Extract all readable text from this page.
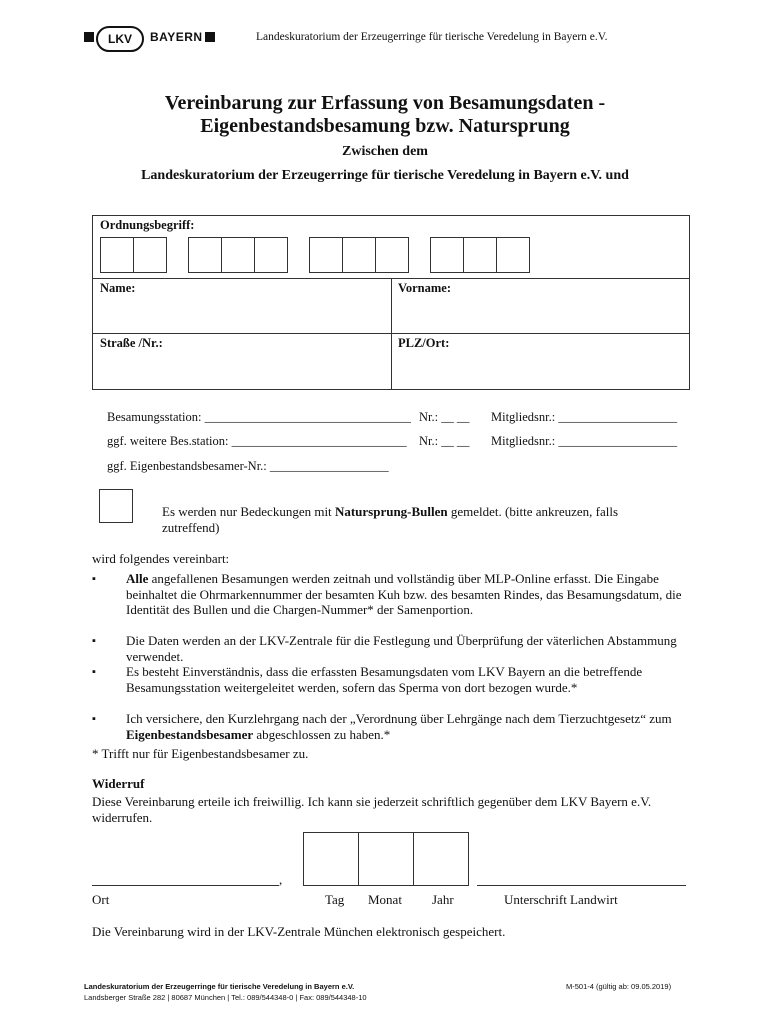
LKV	BAYERN	Landeskuratorium der Erzeugerringe für tierische Veredelung in Bayern e.V.
Vereinbarung zur Erfassung von Besamungsdaten -
Eigenbestandsbesamung bzw. Natursprung
Zwischen dem
Landeskuratorium der Erzeugerringe für tierische Veredelung in Bayern e.V. und
Ordnungsbegriff:
Name:	Vorname:
Straße /Nr.:	PLZ/Ort:
Besamungsstation: _________________________________ Nr.: __ __ Mitgliedsnr.: ___________________
ggf. weitere Bes.station: ____________________________ Nr.: __ __ Mitgliedsnr.: ___________________
ggf. Eigenbestandsbesamer-Nr.: ___________________
Es werden nur Bedeckungen mit Natursprung-Bullen gemeldet. (bitte ankreuzen, falls zutreffend)
wird folgendes vereinbart:
▪ Alle angefallenen Besamungen werden zeitnah und vollständig über MLP-Online erfasst. Die Eingabe beinhaltet die Ohrmarkennummer der besamten Kuh bzw. des besamten Rindes, das Besamungsdatum, die Identität des Bullen und die Chargen-Nummer* der Samenportion.
▪ Die Daten werden an der LKV-Zentrale für die Festlegung und Überprüfung der väterlichen Abstammung verwendet.
▪ Es besteht Einverständnis, dass die erfassten Besamungsdaten vom LKV Bayern an die betreffende Besamungsstation weitergeleitet werden, sofern das Sperma von dort bezogen wurde.*
▪ Ich versichere, den Kurzlehrgang nach der „Verordnung über Lehrgänge nach dem Tierzuchtgesetz“ zum Eigenbestandsbesamer abgeschlossen zu haben.*
* Trifft nur für Eigenbestandsbesamer zu.
Widerruf
Diese Vereinbarung erteile ich freiwillig. Ich kann sie jederzeit schriftlich gegenüber dem LKV Bayern e.V. widerrufen.
,
Ort	Tag Monat Jahr	Unterschrift Landwirt
Die Vereinbarung wird in der LKV-Zentrale München elektronisch gespeichert.
Landeskuratorium der Erzeugerringe für tierische Veredelung in Bayern e.V.
Landsberger Straße 282 | 80687 München | Tel.: 089/544348-0 | Fax: 089/544348-10
M-501-4 (gültig ab: 09.05.2019)
